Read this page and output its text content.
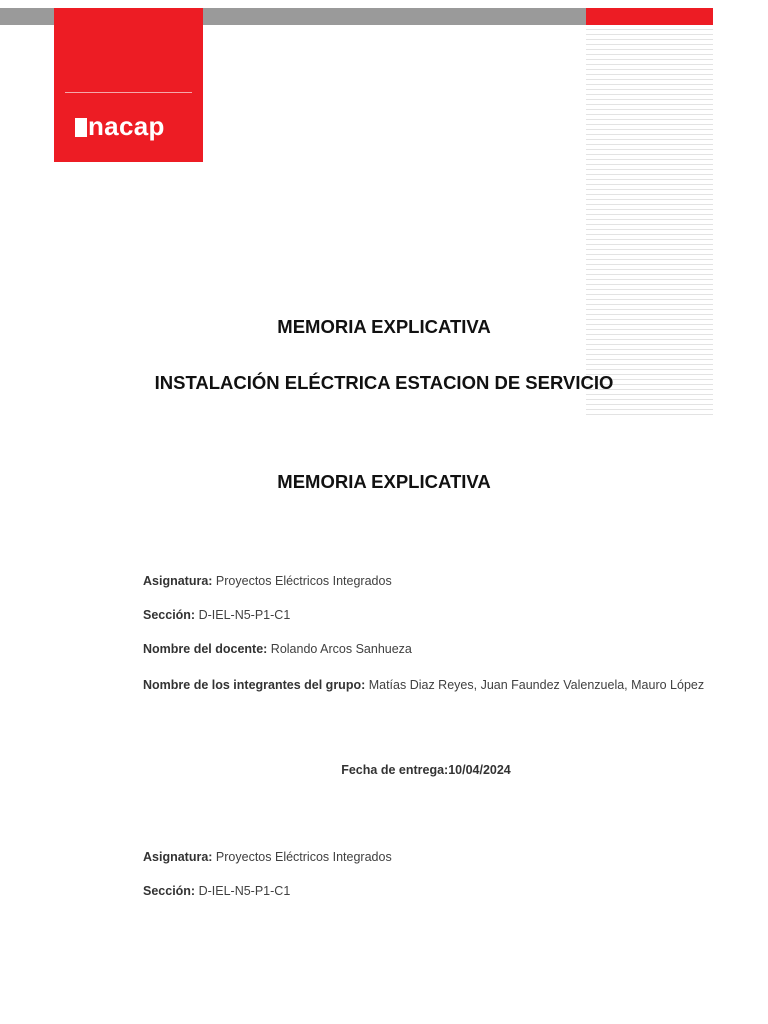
nacap
MEMORIA EXPLICATIVA
INSTALACIÓN ELÉCTRICA ESTACION DE SERVICIO
MEMORIA EXPLICATIVA

Asignatura: Proyectos Eléctricos Integrados

Sección: D-IEL-N5-P1-C1

Nombre del docente: Rolando Arcos Sanhueza

Nombre de los integrantes del grupo: Matías Diaz Reyes, Juan Faundez Valenzuela, Mauro López

Fecha de entrega:10/04/2024

Asignatura: Proyectos Eléctricos Integrados

Sección: D-IEL-N5-P1-C1
